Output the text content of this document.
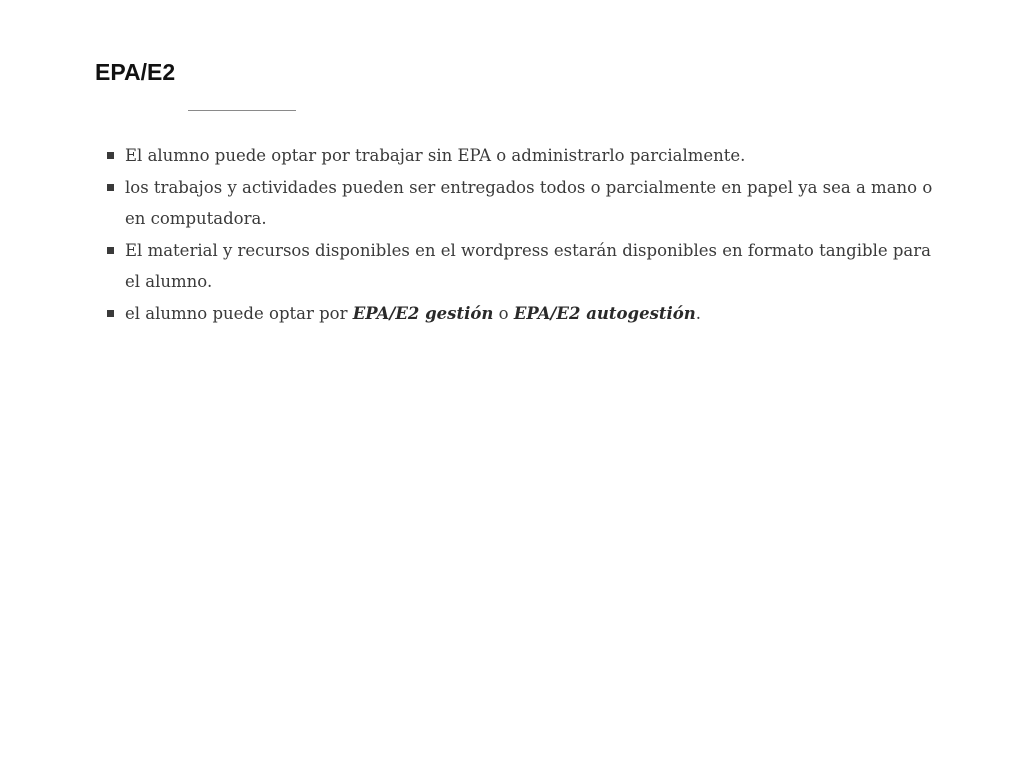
EPA/E2
El alumno puede optar por trabajar sin EPA o administrarlo parcialmente.
los trabajos y actividades pueden ser entregados todos o parcialmente en papel ya sea a mano o en computadora.
El material y recursos disponibles en el wordpress estarán disponibles en formato tangible para el alumno.
el alumno puede optar por EPA/E2 gestión o EPA/E2 autogestión.
